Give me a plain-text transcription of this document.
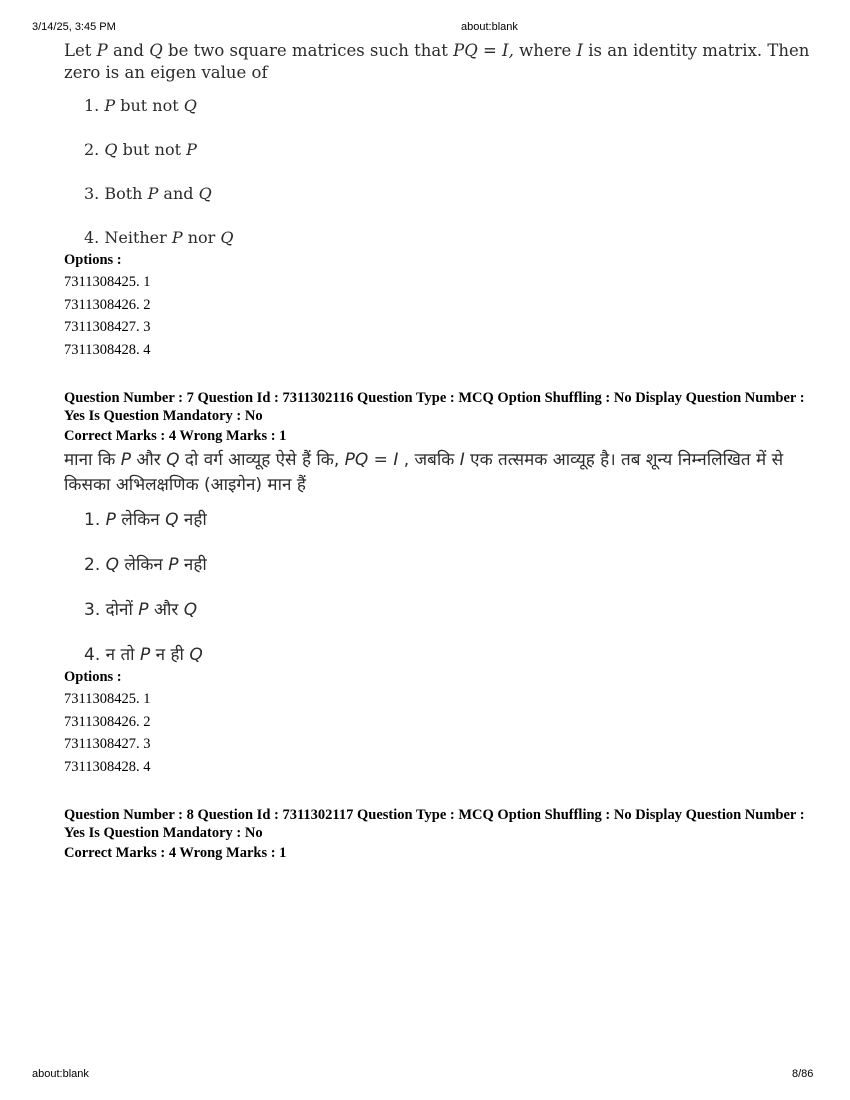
3/14/25, 3:45 PM	about:blank

Let P and Q be two square matrices such that PQ = I, where I is an identity matrix. Then zero is an eigen value of

1. P but not Q
2. Q but not P
3. Both P and Q
4. Neither P nor Q
Options :
7311308425. 1
7311308426. 2
7311308427. 3
7311308428. 4
Question Number : 7 Question Id : 7311302116 Question Type : MCQ Option Shuffling : No Display Question Number : Yes Is Question Mandatory : No
Correct Marks : 4 Wrong Marks : 1

माना कि P और Q दो वर्ग आव्यूह ऐसे हैं कि, PQ = I , जबकि I एक तत्समक आव्यूह है। तब शून्य निम्नलिखित में से किसका अभिलक्षणिक (आइगेन) मान हैं

1. P लेकिन Q नही
2. Q लेकिन P नही
3. दोनों P और Q
4. न तो P न ही Q
Options :
7311308425. 1
7311308426. 2
7311308427. 3
7311308428. 4
Question Number : 8 Question Id : 7311302117 Question Type : MCQ Option Shuffling : No Display Question Number : Yes Is Question Mandatory : No
Correct Marks : 4 Wrong Marks : 1
about:blank	8/86
